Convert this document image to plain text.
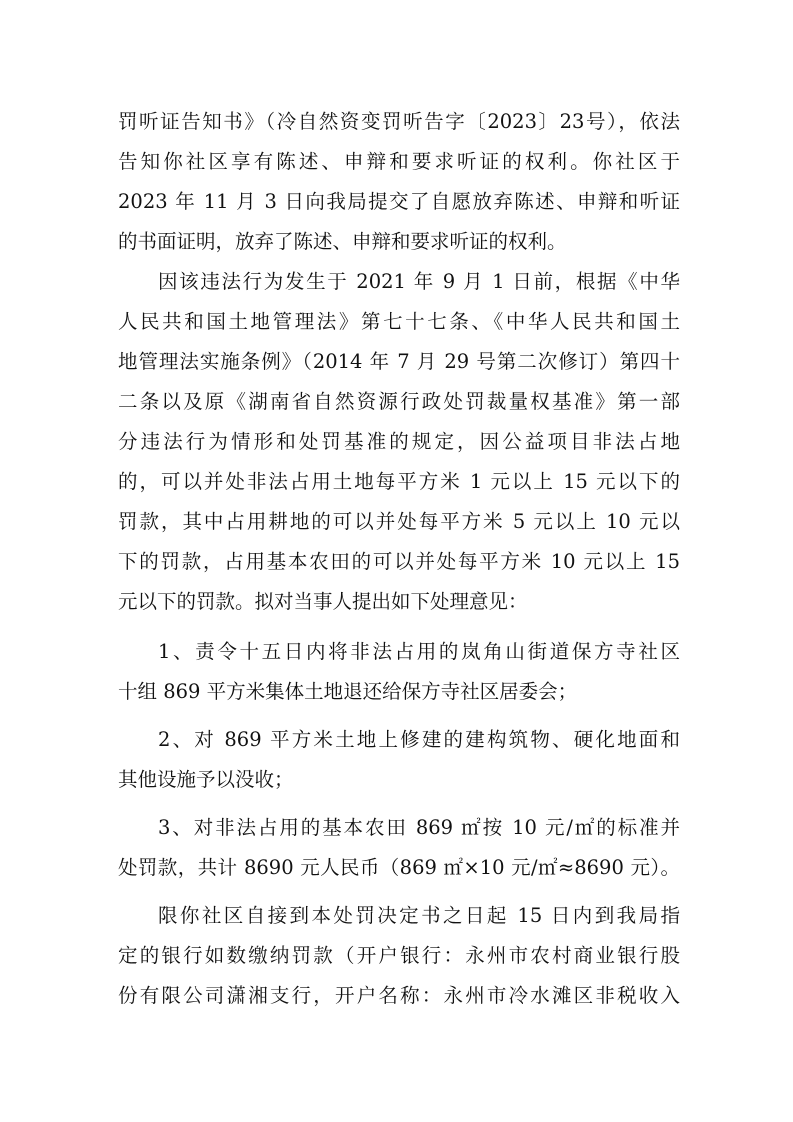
罚听证告知书》（冷自然资变罚听告字〔2023〕23号），依法
告知你社区享有陈述、申辩和要求听证的权利。你社区于
2023 年 11 月 3 日向我局提交了自愿放弃陈述、申辩和听证
的书面证明，放弃了陈述、申辩和要求听证的权利。
因该违法行为发生于 2021 年 9 月 1 日前，根据《中华
人民共和国土地管理法》第七十七条、《中华人民共和国土
地管理法实施条例》（2014 年 7 月 29 号第二次修订）第四十
二条以及原《湖南省自然资源行政处罚裁量权基准》第一部
分违法行为情形和处罚基准的规定，因公益项目非法占地
的，可以并处非法占用土地每平方米 1 元以上 15 元以下的
罚款，其中占用耕地的可以并处每平方米 5 元以上 10 元以
下的罚款，占用基本农田的可以并处每平方米 10 元以上 15
元以下的罚款。拟对当事人提出如下处理意见：
1、责令十五日内将非法占用的岚角山街道保方寺社区
十组 869 平方米集体土地退还给保方寺社区居委会；
2、对 869 平方米土地上修建的建构筑物、硬化地面和
其他设施予以没收；
3、对非法占用的基本农田 869 ㎡按 10 元/㎡的标准并
处罚款，共计 8690 元人民币（869 ㎡×10 元/㎡≈8690 元）。
限你社区自接到本处罚决定书之日起 15 日内到我局指
定的银行如数缴纳罚款（开户银行：永州市农村商业银行股
份有限公司潇湘支行，开户名称：永州市冷水滩区非税收入
